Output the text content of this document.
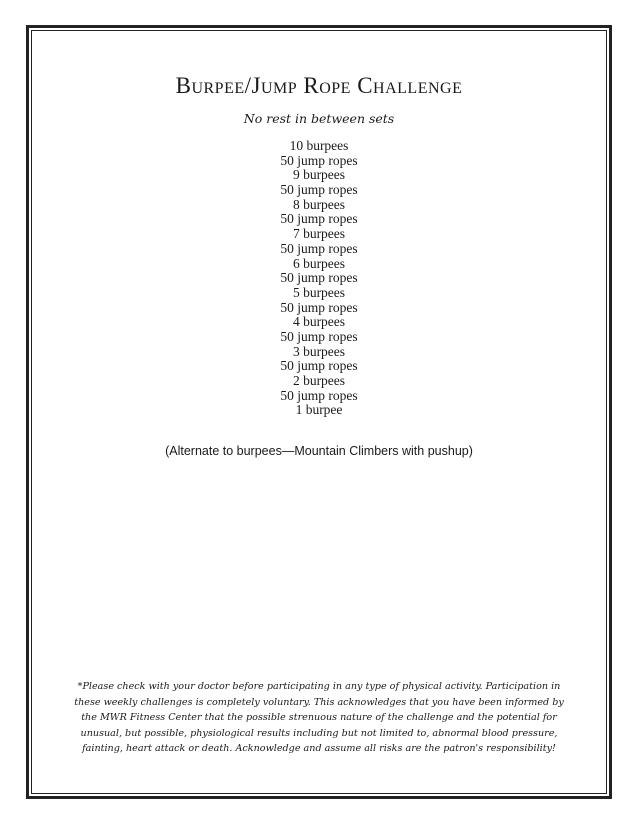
Burpee/Jump Rope Challenge

No rest in between sets

10 burpees
50 jump ropes
9 burpees
50 jump ropes
8 burpees
50 jump ropes
7 burpees
50 jump ropes
6 burpees
50 jump ropes
5 burpees
50 jump ropes
4 burpees
50 jump ropes
3 burpees
50 jump ropes
2 burpees
50 jump ropes
1 burpee

(Alternate to burpees—Mountain Climbers with pushup)

*Please check with your doctor before participating in any type of physical activity. Participation in these weekly challenges is completely voluntary. This acknowledges that you have been informed by the MWR Fitness Center that the possible strenuous nature of the challenge and the potential for unusual, but possible, physiological results including but not limited to, abnormal blood pressure, fainting, heart attack or death. Acknowledge and assume all risks are the patron's responsibility!
